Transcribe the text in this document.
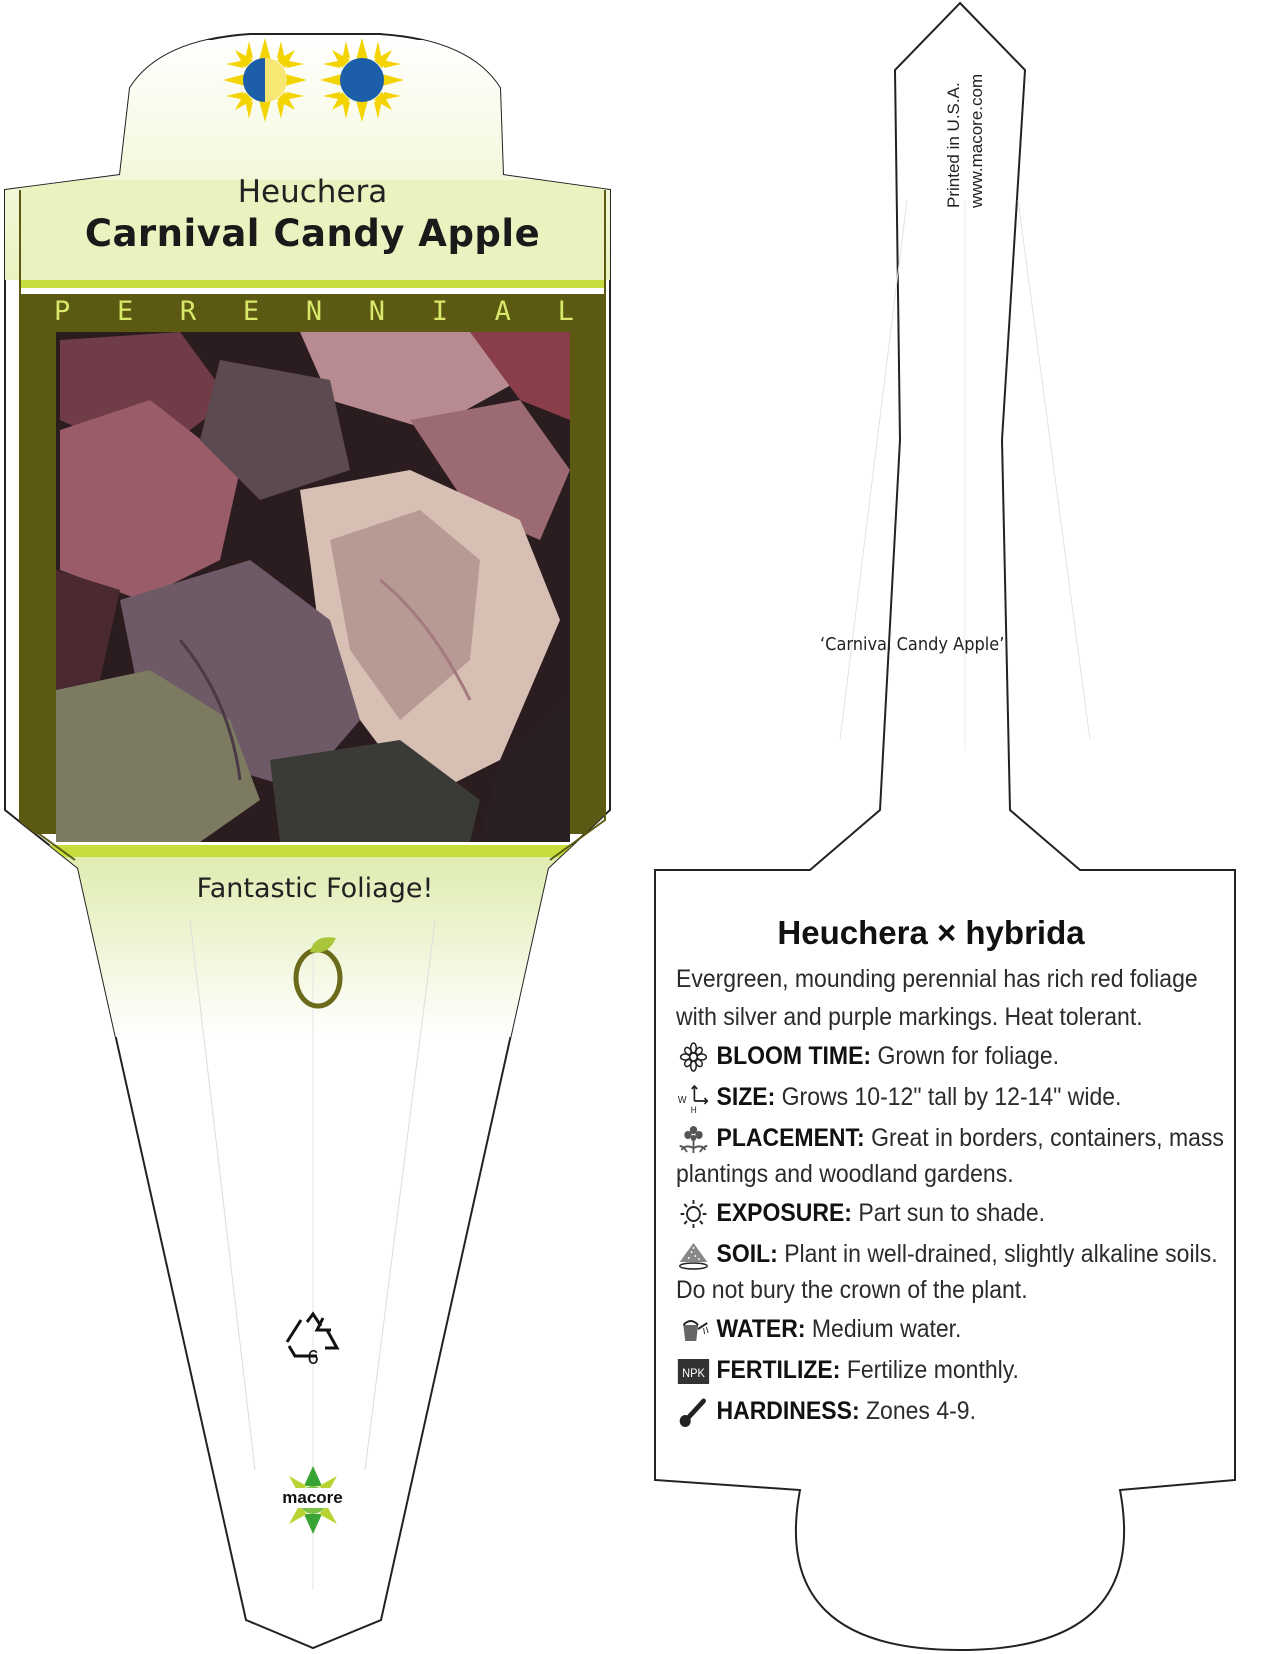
Heuchera
Carnival Candy Apple
P E R E N N I A L
Fantastic Foliage!
6
macore
Printed in U.S.A. www.macore.com
‘Carnival Candy Apple’
Heuchera × hybrida
Evergreen, mounding perennial has rich red foliage with silver and purple markings. Heat tolerant.
BLOOM TIME: Grown for foliage.
W
H SIZE: Grows 10-12" tall by 12-14" wide.
PLACEMENT: Great in borders, containers, mass
plantings and woodland gardens.
EXPOSURE: Part sun to shade.
SOIL: Plant in well-drained, slightly alkaline soils.
Do not bury the crown of the plant.
WATER: Medium water.
NPK FERTILIZE: Fertilize monthly.
HARDINESS: Zones 4-9.
